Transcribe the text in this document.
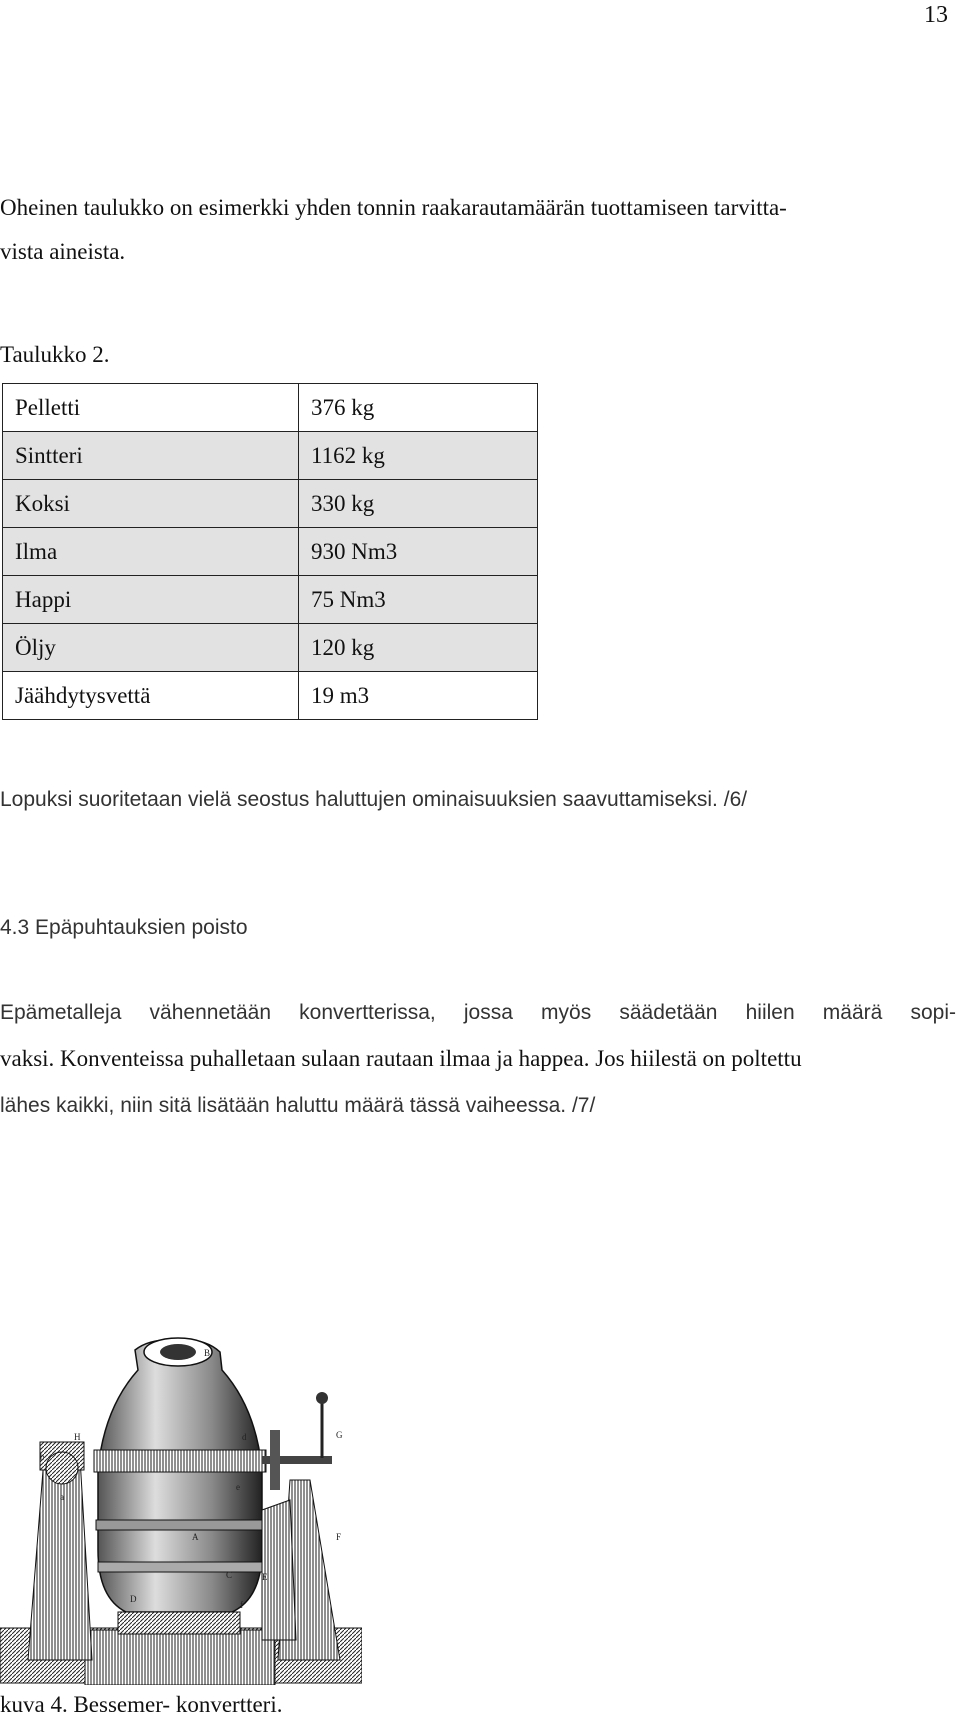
13
Oheinen taulukko on esimerkki yhden tonnin raakarautamäärän tuottamiseen tarvitta-
vista aineista.
Taulukko 2.
Pelletti	376 kg
Sintteri	1162 kg
Koksi	330 kg
Ilma	930 Nm3
Happi	75 Nm3
Öljy	120 kg
Jäähdytysvettä	19 m3
Lopuksi suoritetaan vielä seostus haluttujen ominaisuuksien saavuttamiseksi. /6/
4.3 Epäpuhtauksien poisto
Epämetalleja vähennetään konvertterissa, jossa myös säädetään hiilen määrä sopi-
vaksi. Konventeissa puhalletaan sulaan rautaan ilmaa ja happea. Jos hiilestä on poltettu
lähes kaikki, niin sitä lisätään haluttu määrä tässä vaiheessa. /7/
B
H
b
d	G
a
e
A	F
C	E
D
f
kuva 4. Bessemer- konvertteri.
